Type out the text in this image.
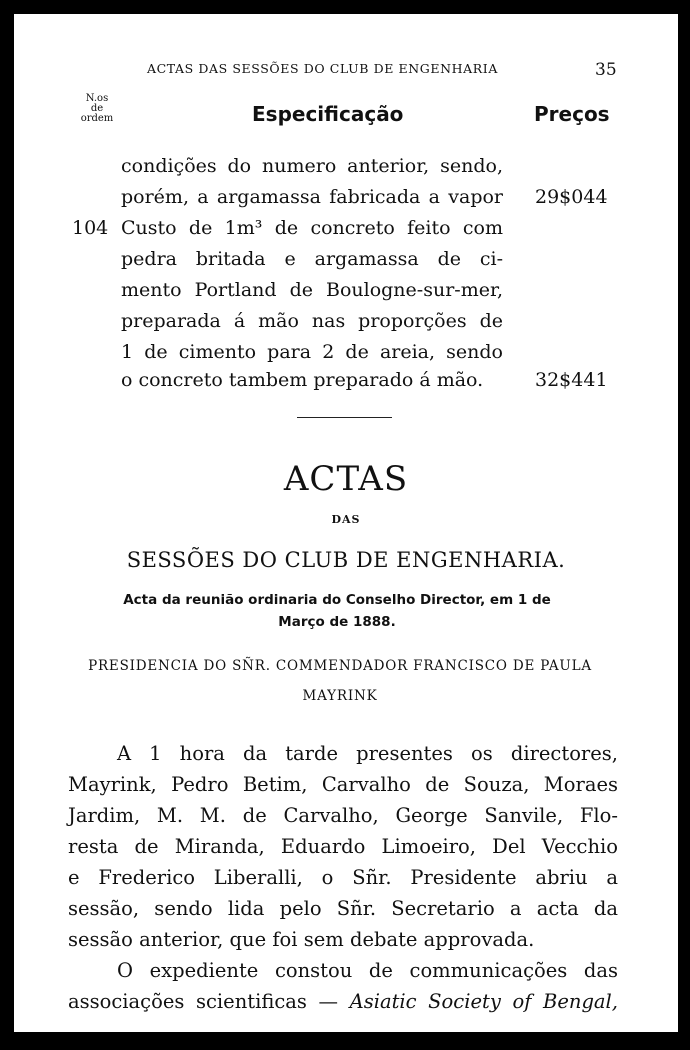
ACTAS DAS SESSÕES DO CLUB DE ENGENHARIA	35
N.os
de
ordem	Especificação	Preços
condições do numero anterior, sendo,
porém, a argamassa fabricada a vapor 29$044
104 Custo de 1m³ de concreto feito com
pedra britada e argamassa de ci-
mento Portland de Boulogne-sur-mer,
preparada á mão nas proporções de
1 de cimento para 2 de areia, sendo
o concreto tambem preparado á mão.	32$441
ACTAS
DAS
SESSÕES DO CLUB DE ENGENHARIA.
Acta da reunião ordinaria do Conselho Director, em 1 de Março de 1888.
PRESIDENCIA DO SÑR. COMMENDADOR FRANCISCO DE PAULA MAYRINK
A 1 hora da tarde presentes os directores,
Mayrink, Pedro Betim, Carvalho de Souza, Moraes
Jardim, M. M. de Carvalho, George Sanvile, Flo-
resta de Miranda, Eduardo Limoeiro, Del Vecchio
e Frederico Liberalli, o Sñr. Presidente abriu a
sessão, sendo lida pelo Sñr. Secretario a acta da
sessão anterior, que foi sem debate approvada.
O expediente constou de communicações das
associações scientificas — Asiatic Society of Bengal,
